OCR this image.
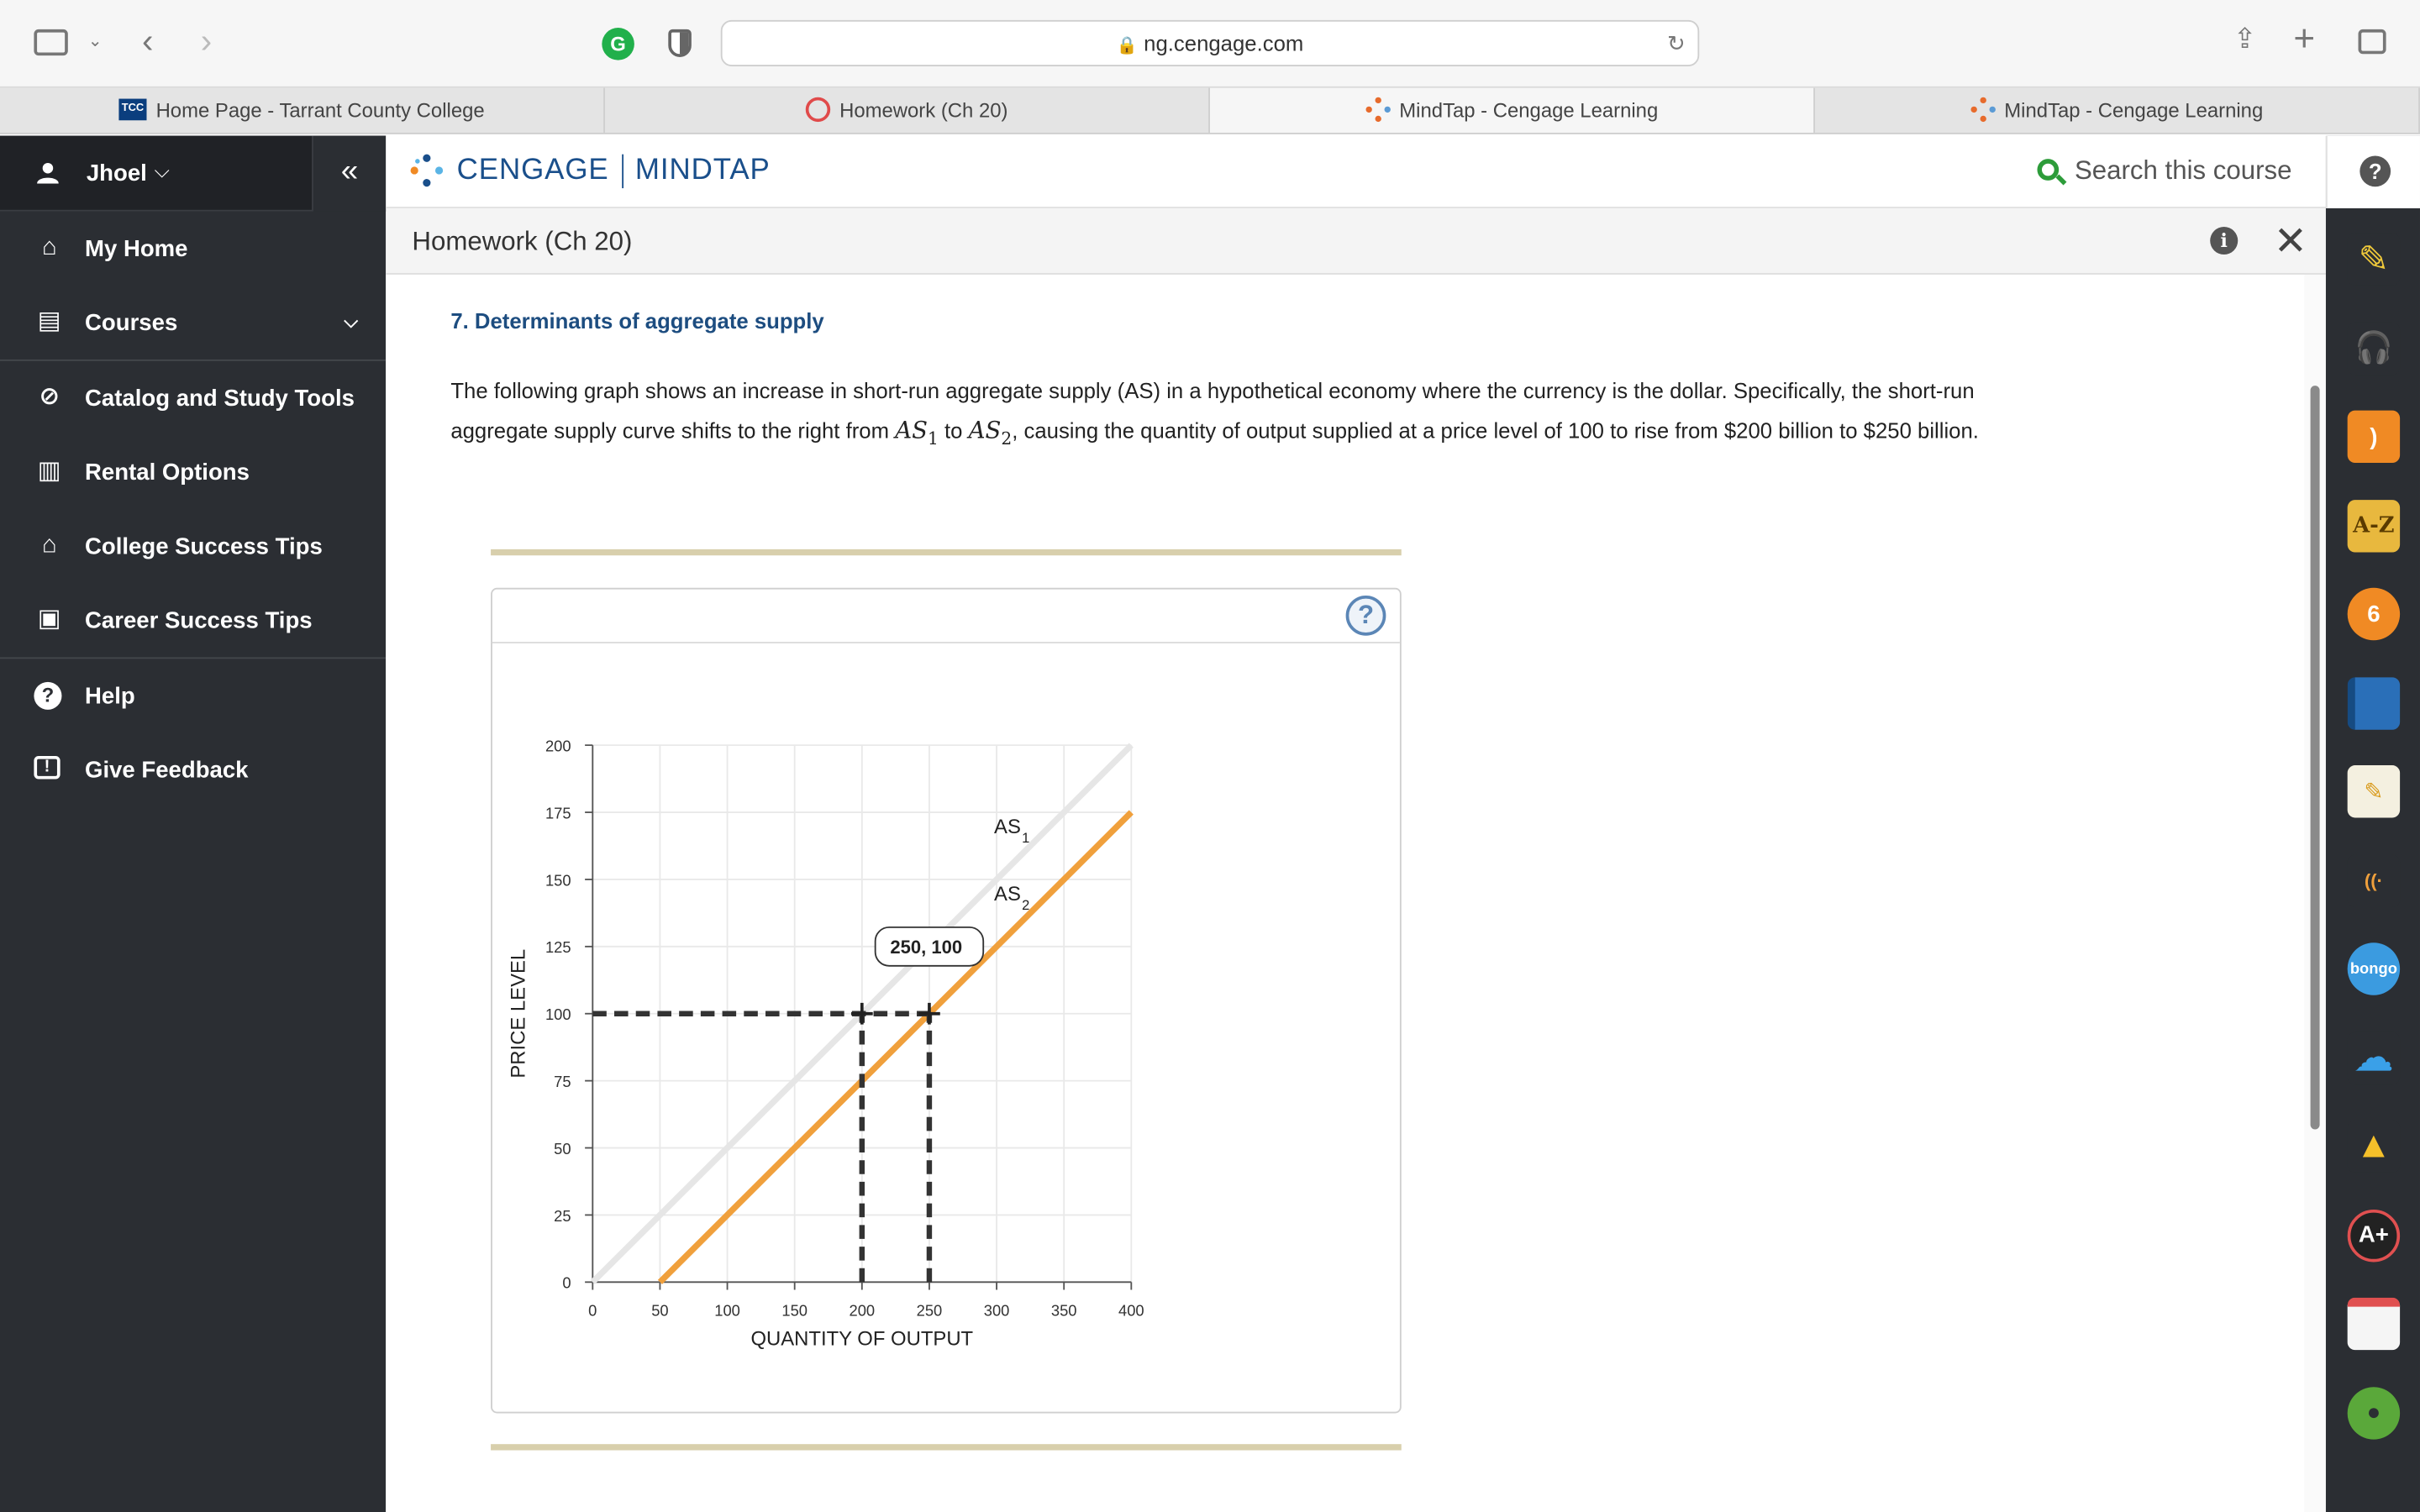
⌄ ‹	›	G	🔒 ng.cengage.com	↻	⇪ +
TCC Home Page - Tarrant County College	Homework (Ch 20)	MindTap - Cengage Learning	MindTap - Cengage Learning
Jhoel ⌵	«
⌂	My Home
▤ Courses	⌵
⊘	Catalog and Study Tools
▥ Rental Options
⌂	College Success Tips
▣ Career Success Tips
?	Help
!	Give Feedback
CENGAGE MINDTAP	Search this course
Homework (Ch 20)	i	✕
7. Determinants of aggregate supply
The following graph shows an increase in short-run aggregate supply (AS) in a hypothetical economy where the currency is the dollar. Specifically, the short-run aggregate supply curve shifts to the right from $AS_1$ to $AS_2$, causing the quantity of output supplied at a price level of 100 to rise from $200 billion to $250 billion.
?
0	50	100	150	200	250	300	350	400
0
25
50
75
100
125
150
175
200
QUANTITY OF OUTPUT
PRICE LEVEL
AS 1
AS 2
250, 100
?
✎
🎧
)
A-Z
6
✎
((·
bongo
☁
▲
A+
●
